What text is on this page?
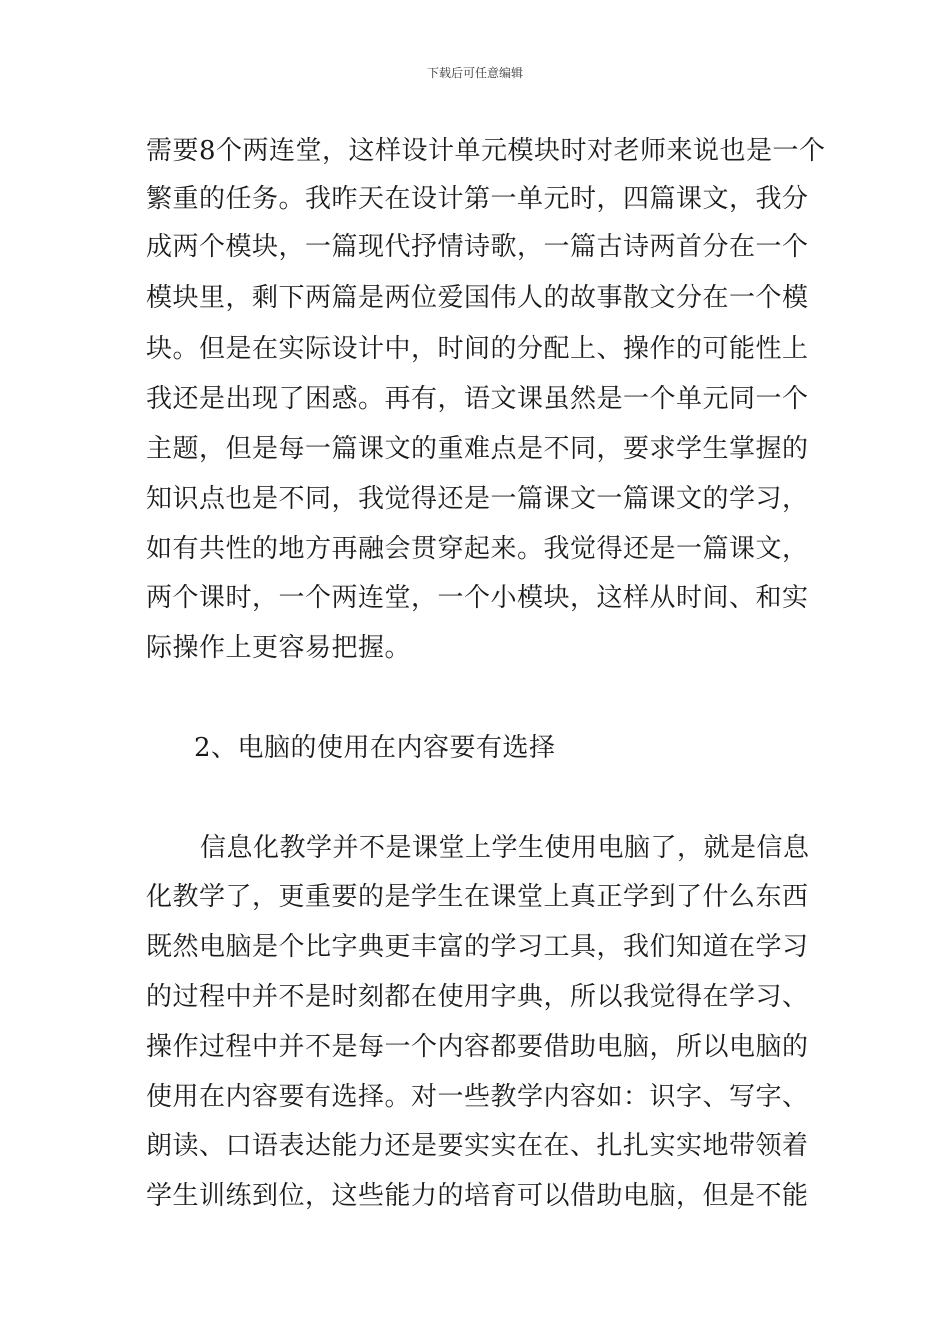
下载后可任意编辑
需要8个两连堂，这样设计单元模块时对老师来说也是一个
繁重的任务。我昨天在设计第一单元时，四篇课文，我分
成两个模块，一篇现代抒情诗歌，一篇古诗两首分在一个
模块里，剩下两篇是两位爱国伟人的故事散文分在一个模
块。但是在实际设计中，时间的分配上、操作的可能性上
我还是出现了困惑。再有，语文课虽然是一个单元同一个
主题，但是每一篇课文的重难点是不同，要求学生掌握的
知识点也是不同，我觉得还是一篇课文一篇课文的学习，
如有共性的地方再融会贯穿起来。我觉得还是一篇课文，
两个课时，一个两连堂，一个小模块，这样从时间、和实
际操作上更容易把握。
2、电脑的使用在内容要有选择
信息化教学并不是课堂上学生使用电脑了，就是信息
化教学了，更重要的是学生在课堂上真正学到了什么东西
既然电脑是个比字典更丰富的学习工具，我们知道在学习
的过程中并不是时刻都在使用字典，所以我觉得在学习、
操作过程中并不是每一个内容都要借助电脑，所以电脑的
使用在内容要有选择。对一些教学内容如：识字、写字、
朗读、口语表达能力还是要实实在在、扎扎实实地带领着
学生训练到位，这些能力的培育可以借助电脑，但是不能
